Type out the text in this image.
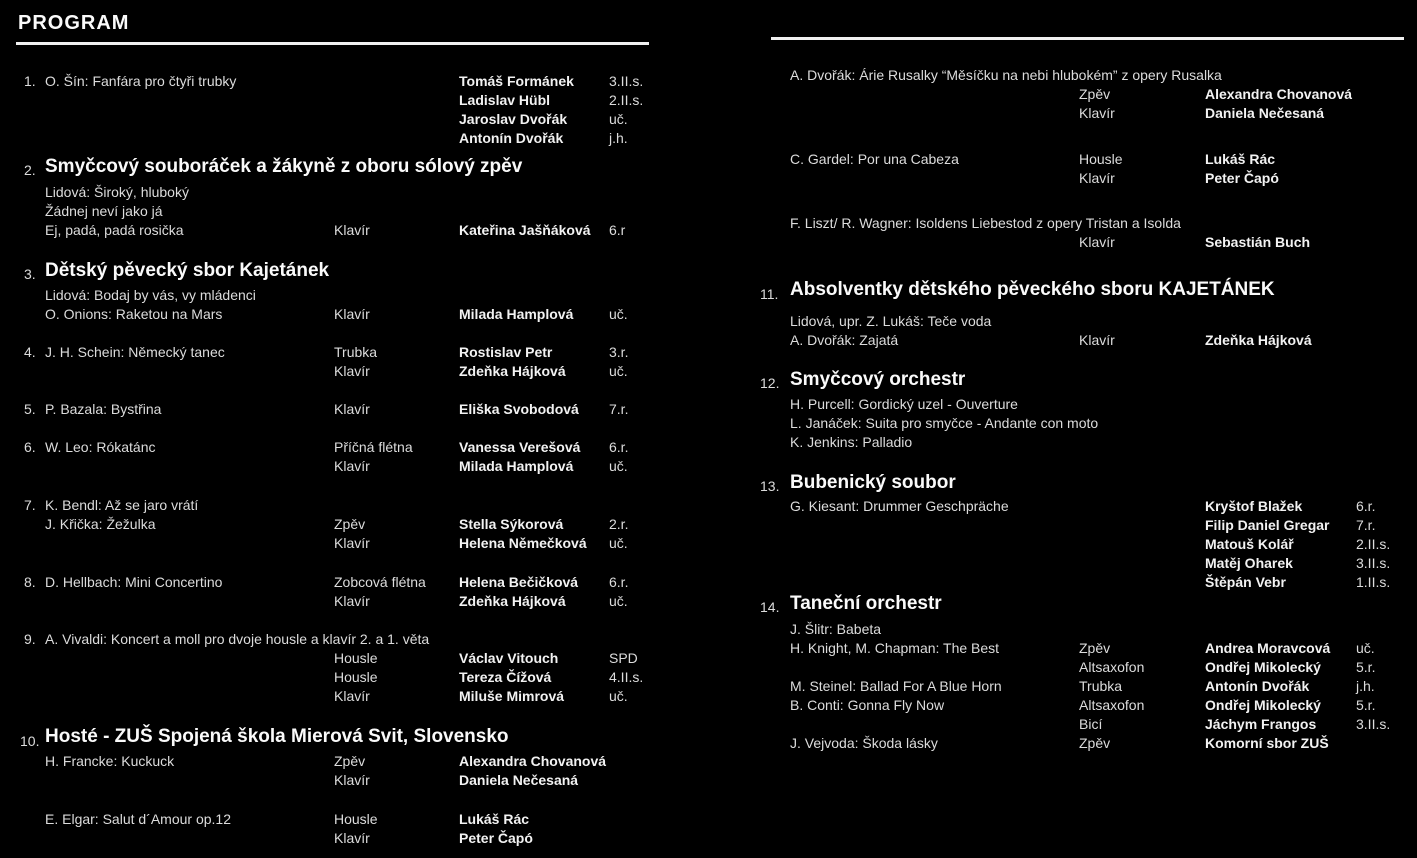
PROGRAM
1. O. Šín: Fanfára pro čtyři trubky	Tomáš Formánek	3.II.s.
Ladislav Hübl	2.II.s.
Jaroslav Dvořák	uč.
Antonín Dvořák	j.h.
2. Smyčcový souboráček a žákyně z oboru sólový zpěv
Lidová: Široký, hluboký
Žádnej neví jako já
Ej, padá, padá rosička	Klavír	Kateřina Jašňáková 6.r
3. Dětský pěvecký sbor Kajetánek
Lidová: Bodaj by vás, vy mládenci
O. Onions: Raketou na Mars	Klavír	Milada Hamplová	uč.
4. J. H. Schein: Německý tanec	Trubka	Rostislav Petr	3.r.
Klavír	Zdeňka Hájková	uč.
5. P. Bazala: Bystřina	Klavír	Eliška Svobodová 7.r.
6. W. Leo: Rókatánc	Příčná flétna	Vanessa Verešová 6.r.
Klavír	Milada Hamplová	uč.
7. K. Bendl: Až se jaro vrátí
J. Křička: Žežulka	Zpěv	Stella Sýkorová	2.r.
Klavír	Helena Němečková uč.
8. D. Hellbach: Mini Concertino	Zobcová flétna Helena Bečičková 6.r.
Klavír	Zdeňka Hájková	uč.
9. A. Vivaldi: Koncert a moll pro dvoje housle a klavír 2. a 1. věta
Housle	Václav Vitouch	SPD
Housle	Tereza Čížová	4.II.s.
Klavír	Miluše Mimrová	uč.
10. Hosté - ZUŠ Spojená škola Mierová Svit, Slovensko
H. Francke: Kuckuck	Zpěv	Alexandra Chovanová
Klavír	Daniela Nečesaná
E. Elgar: Salut d´Amour op.12	Housle	Lukáš Rác
Klavír	Peter Čapó
A. Dvořák: Árie Rusalky “Měsíčku na nebi hlubokém” z opery Rusalka
Zpěv	Alexandra Chovanová
Klavír	Daniela Nečesaná
C. Gardel: Por una Cabeza	Housle	Lukáš Rác
Klavír	Peter Čapó
F. Liszt/ R. Wagner: Isoldens Liebestod z opery Tristan a Isolda
Klavír	Sebastián Buch
11. Absolventky dětského pěveckého sboru KAJETÁNEK
Lidová, upr. Z. Lukáš: Teče voda
A. Dvořák: Zajatá	Klavír	Zdeňka Hájková
12. Smyčcový orchestr
H. Purcell: Gordický uzel - Ouverture
L. Janáček: Suita pro smyčce - Andante con moto
K. Jenkins: Palladio
13. Bubenický soubor
G. Kiesant: Drummer Geschpräche	Kryštof Blažek	6.r.
Filip Daniel Gregar 7.r.
Matouš Kolář	2.II.s.
Matěj Oharek	3.II.s.
Štěpán Vebr	1.II.s.
14. Taneční orchestr
J. Šlitr: Babeta
H. Knight, M. Chapman: The Best	Zpěv	Andrea Moravcová uč.
Altsaxofon	Ondřej Mikolecký	5.r.
M. Steinel: Ballad For A Blue Horn	Trubka	Antonín Dvořák	j.h.
B. Conti: Gonna Fly Now	Altsaxofon	Ondřej Mikolecký	5.r.
Bicí	Jáchym Frangos	3.II.s.
J. Vejvoda: Škoda lásky	Zpěv	Komorní sbor ZUŠ
